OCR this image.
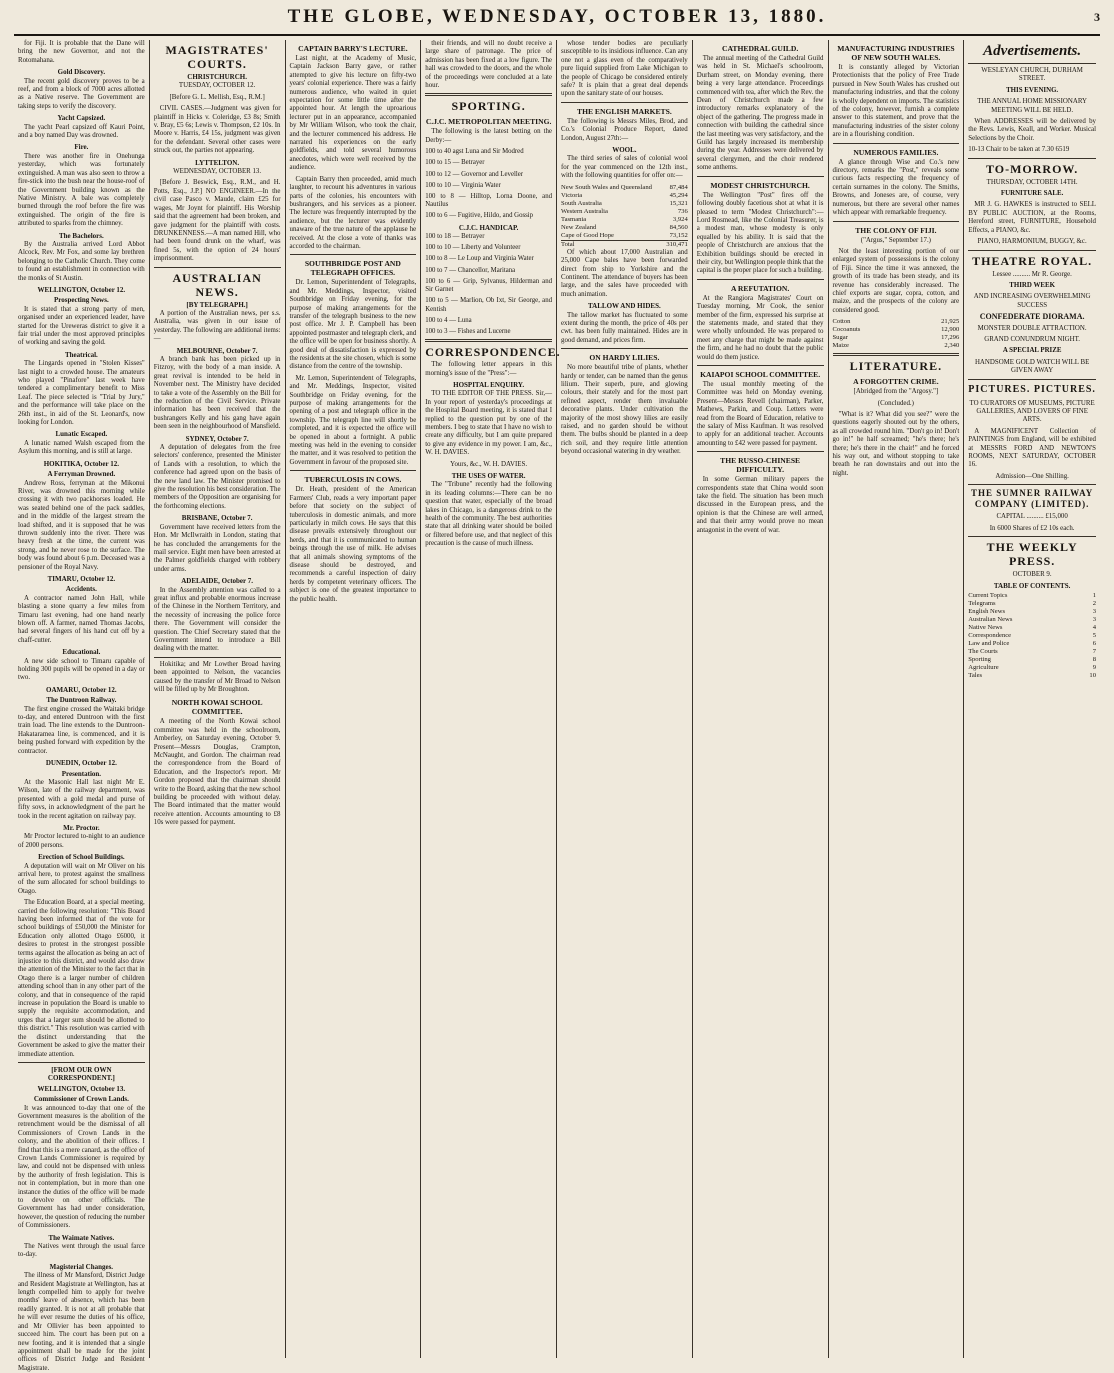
THE GLOBE, WEDNESDAY, OCTOBER 13, 1880.	3

for Fiji. It is probable that the Dane will bring the new Governor, and not the Rotomahana.

Gold Discovery.

The recent gold discovery proves to be a reef, and from a block of 7000 acres allotted as a Native reserve. The Government are taking steps to verify the discovery.

Yacht Capsized.

The yacht Pearl capsized off Kauri Point, and a boy named Day was drowned.

Fire.

There was another fire in Onehunga yesterday, which was fortunately extinguished. A man was also seen to throw a fire-stick into the bush near the house-roof of the Government building known as the Native Ministry. A bale was completely burned through the roof before the fire was extinguished. The origin of the fire is attributed to sparks from the chimney.

The Bachelors.

By the Australia arrived Lord Abbot Alcock, Rev. Mr Fox, and some lay brethren belonging to the Catholic Church. They come to found an establishment in connection with the monks of St Austin.

WELLINGTON, October 12.
Prospecting News.

It is stated that a strong party of men, organised under an experienced leader, have started for the Ureweras district to give it a fair trial under the most approved principles of working and saving the gold.

Theatrical.

The Lingards opened in "Stolen Kisses" last night to a crowded house. The amateurs who played "Pinafore" last week have tendered a complimentary benefit to Miss Leaf. The piece selected is "Trial by Jury," and the performance will take place on the 26th inst., in aid of the St. Leonard's, now looking for London.

Lunatic Escaped.

A lunatic named Walsh escaped from the Asylum this morning, and is still at large.

HOKITIKA, October 12.
A Ferryman Drowned.

Andrew Ross, ferryman at the Mikonui River, was drowned this morning while crossing it with two packhorses loaded. He was seated behind one of the pack saddles, and in the middle of the largest stream the load shifted, and it is supposed that he was thrown suddenly into the river. There was heavy fresh at the time, the current was strong, and he never rose to the surface. The body was found about 6 p.m. Deceased was a pensioner of the Royal Navy.

TIMARU, October 12.
Accidents.

A contractor named John Hall, while blasting a stone quarry a few miles from Timaru last evening, had one hand nearly blown off. A farmer, named Thomas Jacobs, had several fingers of his hand cut off by a chaff-cutter.

Educational.

A new side school to Timaru capable of holding 300 pupils will be opened in a day or two.

OAMARU, October 12.
The Duntroon Railway.

The first engine crossed the Waitaki bridge to-day, and entered Duntroon with the first train load. The line extends to the Duntroon-Hakataramea line, is commenced, and it is being pushed forward with expedition by the contractor.

DUNEDIN, October 12.
Presentation.

At the Masonic Hall last night Mr E. Wilson, late of the railway department, was presented with a gold medal and purse of fifty sovs, in acknowledgment of the part he took in the recent agitation on railway pay.

Mr. Proctor.

Mr Proctor lectured to-night to an audience of 2000 persons.

Erection of School Buildings.

A deputation will wait on Mr Oliver on his arrival here, to protest against the smallness of the sum allocated for school buildings to Otago.

The Education Board, at a special meeting, carried the following resolution: "This Board having been informed that of the vote for school buildings of £50,000 the Minister for Education only allotted Otago £6000, it desires to protest in the strongest possible terms against the allocation as being an act of injustice to this district, and would also draw the attention of the Minister to the fact that in Otago there is a larger number of children attending school than in any other part of the colony, and that in consequence of the rapid increase in population the Board is unable to supply the requisite accommodation, and urges that a larger sum should be allotted to this district." This resolution was carried with the distinct understanding that the Government be asked to give the matter their immediate attention.

[FROM OUR OWN CORRESPONDENT.]
WELLINGTON, October 13.
Commissioner of Crown Lands.

It was announced to-day that one of the Government measures is the abolition of the retrenchment would be the dismissal of all Commissioners of Crown Lands in the colony, and the abolition of their offices. I find that this is a mere canard, as the office of Crown Lands Commissioner is required by law, and could not be dispensed with unless by the authority of fresh legislation. This is not in contemplation, but in more than one instance the duties of the office will be made to devolve on other officials. The Government has had under consideration, however, the question of reducing the number of Commissioners.

The Waimate Natives.

The Natives went through the usual farce to-day.

Magisterial Changes.

The illness of Mr Mansford, District Judge and Resident Magistrate at Wellington, has at length compelled him to apply for twelve months' leave of absence, which has been readily granted. It is not at all probable that he will ever resume the duties of his office, and Mr Ollivier has been appointed to succeed him. The court has been put on a new footing, and it is intended that a single appointment shall be made for the joint offices of District Judge and Resident Magistrate.

MAGISTRATES' COURTS.
CHRISTCHURCH.

TUESDAY, OCTOBER 12.

[Before G. L. Mellish, Esq., R.M.]

CIVIL CASES.—Judgment was given for plaintiff in Hicks v. Coleridge, £3 8s; Smith v. Bray, £5 6s; Lewis v. Thompson, £2 10s. In Moore v. Harris, £4 15s, judgment was given for the defendant. Several other cases were struck out, the parties not appearing.

LYTTELTON.

WEDNESDAY, OCTOBER 13.

[Before J. Beswick, Esq., R.M., and H. Potts, Esq., J.P.] NO ENGINEER.—In the civil case Pasco v. Maude, claim £25 for wages, Mr Joynt for plaintiff. His Worship said that the agreement had been broken, and gave judgment for the plaintiff with costs. DRUNKENNESS.—A man named Hill, who had been found drunk on the wharf, was fined 5s, with the option of 24 hours' imprisonment.

AUSTRALIAN NEWS.
[BY TELEGRAPH.]

A portion of the Australian news, per s.s. Australia, was given in our issue of yesterday. The following are additional items:—

MELBOURNE, October 7.

A branch bank has been picked up in Fitzroy, with the body of a man inside. A great revival is intended to be held in November next. The Ministry have decided to take a vote of the Assembly on the Bill for the reduction of the Civil Service. Private information has been received that the bushrangers Kelly and his gang have again been seen in the neighbourhood of Mansfield.

SYDNEY, October 7.

A deputation of delegates from the free selectors' conference, presented the Minister of Lands with a resolution, to which the conference had agreed upon on the basis of the new land law. The Minister promised to give the resolution his best consideration. The members of the Opposition are organising for the forthcoming elections.

BRISBANE, October 7.

Government have received letters from the Hon. Mr McIlwraith in London, stating that he has concluded the arrangements for the mail service. Eight men have been arrested at the Palmer goldfields charged with robbery under arms.

ADELAIDE, October 7.

In the Assembly attention was called to a great influx and probable enormous increase of the Chinese in the Northern Territory, and the necessity of increasing the police force there. The Government will consider the question. The Chief Secretary stated that the Government intend to introduce a Bill dealing with the matter.

Hokitika; and Mr Lowther Broad having been appointed to Nelson, the vacancies caused by the transfer of Mr Broad to Nelson will be filled up by Mr Broughton.

NORTH KOWAI SCHOOL COMMITTEE.

A meeting of the North Kowai school committee was held in the schoolroom, Amberley, on Saturday evening, October 9. Present—Messrs Douglas, Crampton, McNaught, and Gordon. The chairman read the correspondence from the Board of Education, and the Inspector's report. Mr Gordon proposed that the chairman should write to the Board, asking that the new school building be proceeded with without delay. The Board intimated that the matter would receive attention. Accounts amounting to £8 10s were passed for payment.

CAPTAIN BARRY'S LECTURE.

Last night, at the Academy of Music, Captain Jackson Barry gave, or rather attempted to give his lecture on fifty-two years' colonial experience. There was a fairly numerous audience, who waited in quiet expectation for some little time after the appointed hour. At length the uproarious lecturer put in an appearance, accompanied by Mr William Wilson, who took the chair, and the lecturer commenced his address. He narrated his experiences on the early goldfields, and told several humorous anecdotes, which were well received by the audience.

Captain Barry then proceeded, amid much laughter, to recount his adventures in various parts of the colonies, his encounters with bushrangers, and his services as a pioneer. The lecture was frequently interrupted by the audience, but the lecturer was evidently unaware of the true nature of the applause he received. At the close a vote of thanks was accorded to the chairman.

SOUTHBRIDGE POST AND TELEGRAPH OFFICES.

Dr. Lemon, Superintendent of Telegraphs, and Mr. Meddings, Inspector, visited Southbridge on Friday evening, for the purpose of making arrangements for the transfer of the telegraph business to the new post office. Mr J. P. Campbell has been appointed postmaster and telegraph clerk, and the office will be open for business shortly. A good deal of dissatisfaction is expressed by the residents at the site chosen, which is some distance from the centre of the township.

Mr. Lemon, Superintendent of Telegraphs, and Mr. Meddings, Inspector, visited Southbridge on Friday evening, for the purpose of making arrangements for the opening of a post and telegraph office in the township. The telegraph line will shortly be completed, and it is expected the office will be opened in about a fortnight. A public meeting was held in the evening to consider the matter, and it was resolved to petition the Government in favour of the proposed site.

TUBERCULOSIS IN COWS.

Dr. Heath, president of the American Farmers' Club, reads a very important paper before that society on the subject of tuberculosis in domestic animals, and more particularly in milch cows. He says that this disease prevails extensively throughout our herds, and that it is communicated to human beings through the use of milk. He advises that all animals showing symptoms of the disease should be destroyed, and recommends a careful inspection of dairy herds by competent veterinary officers. The subject is one of the greatest importance to the public health.

their friends, and will no doubt receive a large share of patronage. The price of admission has been fixed at a low figure. The hall was crowded to the doors, and the whole of the proceedings were concluded at a late hour.

SPORTING.
C.J.C. METROPOLITAN MEETING.

The following is the latest betting on the Derby:—

100 to 40 agst Luna and Sir Modred

100 to 15 — Betrayer

100 to 12 — Governor and Leveller

100 to 10 — Virginia Water

100 to 8 — Hilltop, Lorna Doone, and Nautilus

100 to 6 — Fugitive, Hildo, and Gossip

C.J.C. HANDICAP.

100 to 18 — Betrayer

100 to 10 — Liberty and Volunteer

100 to 8 — Le Loup and Virginia Water

100 to 7 — Chancellor, Maritana

100 to 6 — Grip, Sylvanus, Hilderman and Sir Garnet

100 to 5 — Marlion, Ob Ixt, Sir George, and Kentish

100 to 4 — Luna

100 to 3 — Fishes and Lucerne

CORRESPONDENCE.

The following letter appears in this morning's issue of the "Press":—

HOSPITAL ENQUIRY.

TO THE EDITOR OF THE PRESS. Sir,—In your report of yesterday's proceedings at the Hospital Board meeting, it is stated that I replied to the question put by one of the members. I beg to state that I have no wish to create any difficulty, but I am quite prepared to give any evidence in my power. I am, &c., W. H. DAVIES.

Yours, &c., W. H. DAVIES.

THE USES OF WATER.

The "Tribune" recently had the following in its leading columns:—There can be no question that water, especially of the broad lakes in Chicago, is a dangerous drink to the health of the community. The best authorities state that all drinking water should be boiled or filtered before use, and that neglect of this precaution is the cause of much illness.

whose tender bodies are peculiarly susceptible to its insidious influence. Can any one not a glass even of the comparatively pure liquid supplied from Lake Michigan to the people of Chicago be considered entirely safe? It is plain that a great deal depends upon the sanitary state of our houses.

THE ENGLISH MARKETS.

The following is Messrs Miles, Brod, and Co.'s Colonial Produce Report, dated London, August 27th:—

WOOL.

The third series of sales of colonial wool for the year commenced on the 12th inst., with the following quantities for offer on:—

New South Wales and Queensland	87,484
Victoria	45,294
South Australia	15,321
Western Australia	736
Tasmania	3,924
New Zealand	84,560
Cape of Good Hope	73,152
Total	310,471

Of which about 17,000 Australian and 25,000 Cape bales have been forwarded direct from ship to Yorkshire and the Continent. The attendance of buyers has been large, and the sales have proceeded with much animation.

TALLOW AND HIDES.

The tallow market has fluctuated to some extent during the month, the price of 40s per cwt. has been fully maintained. Hides are in good demand, and prices firm.

ON HARDY LILIES.

No more beautiful tribe of plants, whether hardy or tender, can be named than the genus lilium. Their superb, pure, and glowing colours, their stately and for the most part refined aspect, render them invaluable decorative plants. Under cultivation the majority of the most showy lilies are easily raised, and no garden should be without them. The bulbs should be planted in a deep rich soil, and they require little attention beyond occasional watering in dry weather.

CATHEDRAL GUILD.

The annual meeting of the Cathedral Guild was held in St. Michael's schoolroom, Durham street, on Monday evening, there being a very large attendance. Proceedings commenced with tea, after which the Rev. the Dean of Christchurch made a few introductory remarks explanatory of the object of the gathering. The progress made in connection with building the cathedral since the last meeting was very satisfactory, and the Guild has largely increased its membership during the year. Addresses were delivered by several clergymen, and the choir rendered some anthems.

MODEST CHRISTCHURCH.

The Wellington "Post" fires off the following doubly facetious shot at what it is pleased to term "Modest Christchurch":—Lord Rosmead, like the Colonial Treasurer, is a modest man, whose modesty is only equalled by his ability. It is said that the people of Christchurch are anxious that the Exhibition buildings should be erected in their city, but Wellington people think that the capital is the proper place for such a building.

A REFUTATION.

At the Rangiora Magistrates' Court on Tuesday morning, Mr Cook, the senior member of the firm, expressed his surprise at the statements made, and stated that they were wholly unfounded. He was prepared to meet any charge that might be made against the firm, and he had no doubt that the public would do them justice.

KAIAPOI SCHOOL COMMITTEE.

The usual monthly meeting of the Committee was held on Monday evening. Present—Messrs Revell (chairman), Parker, Mathews, Parkin, and Coup. Letters were read from the Board of Education, relative to the salary of Miss Kaufman. It was resolved to apply for an additional teacher. Accounts amounting to £42 were passed for payment.

THE RUSSO-CHINESE DIFFICULTY.

In some German military papers the correspondents state that China would soon take the field. The situation has been much discussed in the European press, and the opinion is that the Chinese are well armed, and that their army would prove no mean antagonist in the event of war.

MANUFACTURING INDUSTRIES OF NEW SOUTH WALES.

It is constantly alleged by Victorian Protectionists that the policy of Free Trade pursued in New South Wales has crushed out manufacturing industries, and that the colony is wholly dependent on imports. The statistics of the colony, however, furnish a complete answer to this statement, and prove that the manufacturing industries of the sister colony are in a flourishing condition.

NUMEROUS FAMILIES.

A glance through Wise and Co.'s new directory, remarks the "Post," reveals some curious facts respecting the frequency of certain surnames in the colony. The Smiths, Browns, and Joneses are, of course, very numerous, but there are several other names which appear with remarkable frequency.

THE COLONY OF FIJI.

("Argus," September 17.)

Not the least interesting portion of our enlarged system of possessions is the colony of Fiji. Since the time it was annexed, the growth of its trade has been steady, and its revenue has considerably increased. The chief exports are sugar, copra, cotton, and maize, and the prospects of the colony are considered good.

Cotton	21,925
Cocoanuts	12,900
Sugar	17,296
Maize	2,340
LITERATURE.
A FORGOTTEN CRIME.

[Abridged from the "Argosy."]

(Concluded.)

"What is it? What did you see?" were the questions eagerly shouted out by the others, as all crowded round him. "Don't go in! Don't go in!" he half screamed; "he's there; he's there; he's there in the chair!" and he forced his way out, and without stopping to take breath he ran downstairs and out into the night.

Advertisements.

WESLEYAN CHURCH, DURHAM STREET.

THIS EVENING.

THE ANNUAL HOME MISSIONARY MEETING WILL BE HELD.

When ADDRESSES will be delivered by the Revs. Lewis, Keall, and Worker. Musical Selections by the Choir.

10-13 Chair to be taken at 7.30 6519

TO-MORROW.

THURSDAY, OCTOBER 14TH.

FURNITURE SALE.

MR J. G. HAWKES is instructed to SELL BY PUBLIC AUCTION, at the Rooms, Hereford street, FURNITURE, Household Effects, a PIANO, &c.

PIANO, HARMONIUM, BUGGY, &c.

THEATRE ROYAL.

Lessee .......... Mr R. George.

THIRD WEEK

AND INCREASING OVERWHELMING SUCCESS

CONFEDERATE DIORAMA.

MONSTER DOUBLE ATTRACTION.

GRAND CONUNDRUM NIGHT.

A SPECIAL PRIZE

HANDSOME GOLD WATCH WILL BE GIVEN AWAY

PICTURES. PICTURES.

TO CURATORS OF MUSEUMS, PICTURE GALLERIES, AND LOVERS OF FINE ARTS.

A MAGNIFICENT Collection of PAINTINGS from England, will be exhibited at MESSRS FORD AND NEWTON'S ROOMS, NEXT SATURDAY, OCTOBER 16.

Admission—One Shilling.

THE SUMNER RAILWAY COMPANY (LIMITED).

CAPITAL .......... £15,000

In 6000 Shares of £2 10s each.

THE WEEKLY PRESS.

OCTOBER 9.

TABLE OF CONTENTS.
Current Topics	1
Telegrams	2
English News	3
Australian News	3
Native News	4
Correspondence	5
Law and Police	6
The Courts	7
Sporting	8
Agriculture	9
Tales	10
